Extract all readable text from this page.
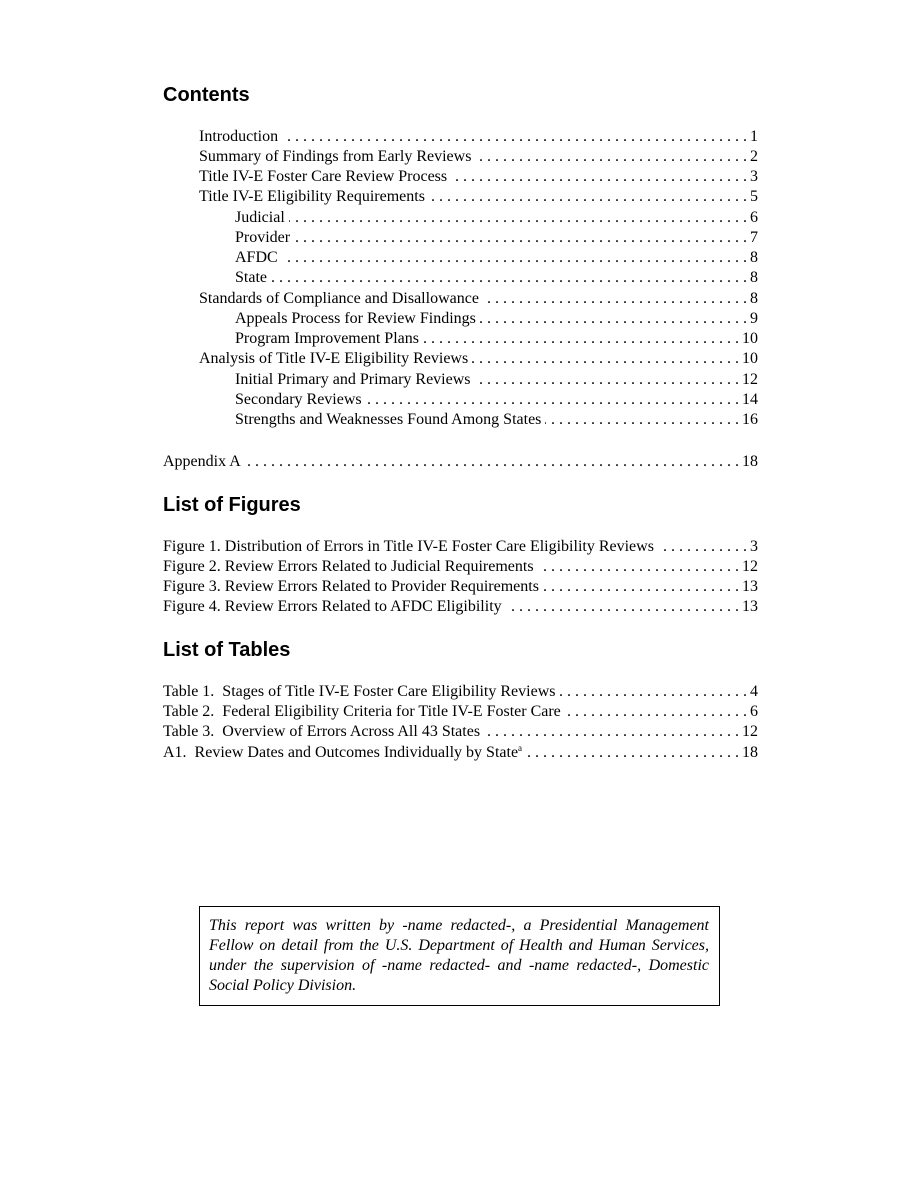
Contents
Introduction . . .	1
Summary of Findings from Early Reviews . . .	2
Title IV-E Foster Care Review Process . . .	3
Title IV-E Eligibility Requirements . . .	5
Judicial . . .	6
Provider . . .	7
AFDC . . .	8
State . . .	8
Standards of Compliance and Disallowance . . .	8
Appeals Process for Review Findings . . .	9
Program Improvement Plans . . .	10
Analysis of Title IV-E Eligibility Reviews . . .	10
Initial Primary and Primary Reviews . . .	12
Secondary Reviews . . .	14
Strengths and Weaknesses Found Among States . . .	16
Appendix A . . .	18
List of Figures
Figure 1. Distribution of Errors in Title IV-E Foster Care Eligibility Reviews . . .	3
Figure 2. Review Errors Related to Judicial Requirements . . .	12
Figure 3. Review Errors Related to Provider Requirements . . .	13
Figure 4. Review Errors Related to AFDC Eligibility . . .	13
List of Tables
Table 1.  Stages of Title IV-E Foster Care Eligibility Reviews . . .	4
Table 2.  Federal Eligibility Criteria for Title IV-E Foster Care . . .	6
Table 3.  Overview of Errors Across All 43 States . . .	12
A1.  Review Dates and Outcomes Individually by State$^a$ . . .	18
This report was written by -name redacted-, a Presidential Management Fellow on detail from the U.S. Department of Health and Human Services, under the supervision of -name redacted- and -name redacted-, Domestic Social Policy Division.
